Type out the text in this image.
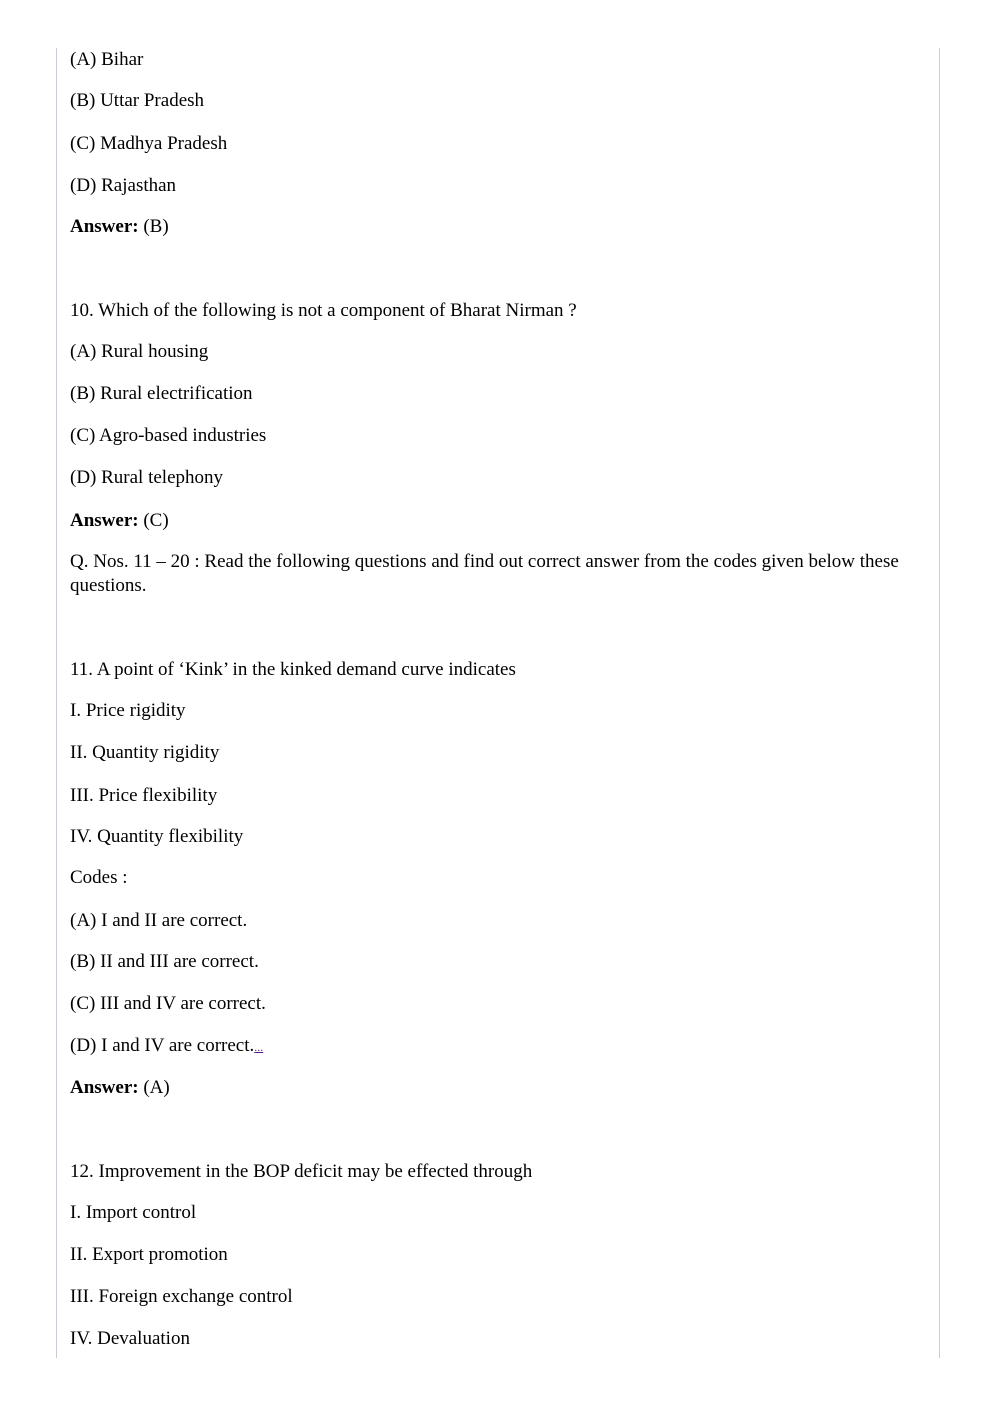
(A) Bihar
(B) Uttar Pradesh
(C) Madhya Pradesh
(D) Rajasthan
Answer: (B)
10. Which of the following is not a component of Bharat Nirman ?
(A) Rural housing
(B) Rural electrification
(C) Agro-based industries
(D) Rural telephony
Answer: (C)
Q. Nos. 11 – 20 : Read the following questions and find out correct answer from the codes given below these questions.
11. A point of ‘Kink’ in the kinked demand curve indicates
I. Price rigidity
II. Quantity rigidity
III. Price flexibility
IV. Quantity flexibility
Codes :
(A) I and II are correct.
(B) II and III are correct.
(C) III and IV are correct.
(D) I and IV are correct....
Answer: (A)
12. Improvement in the BOP deficit may be effected through
I. Import control
II. Export promotion
III. Foreign exchange control
IV. Devaluation
